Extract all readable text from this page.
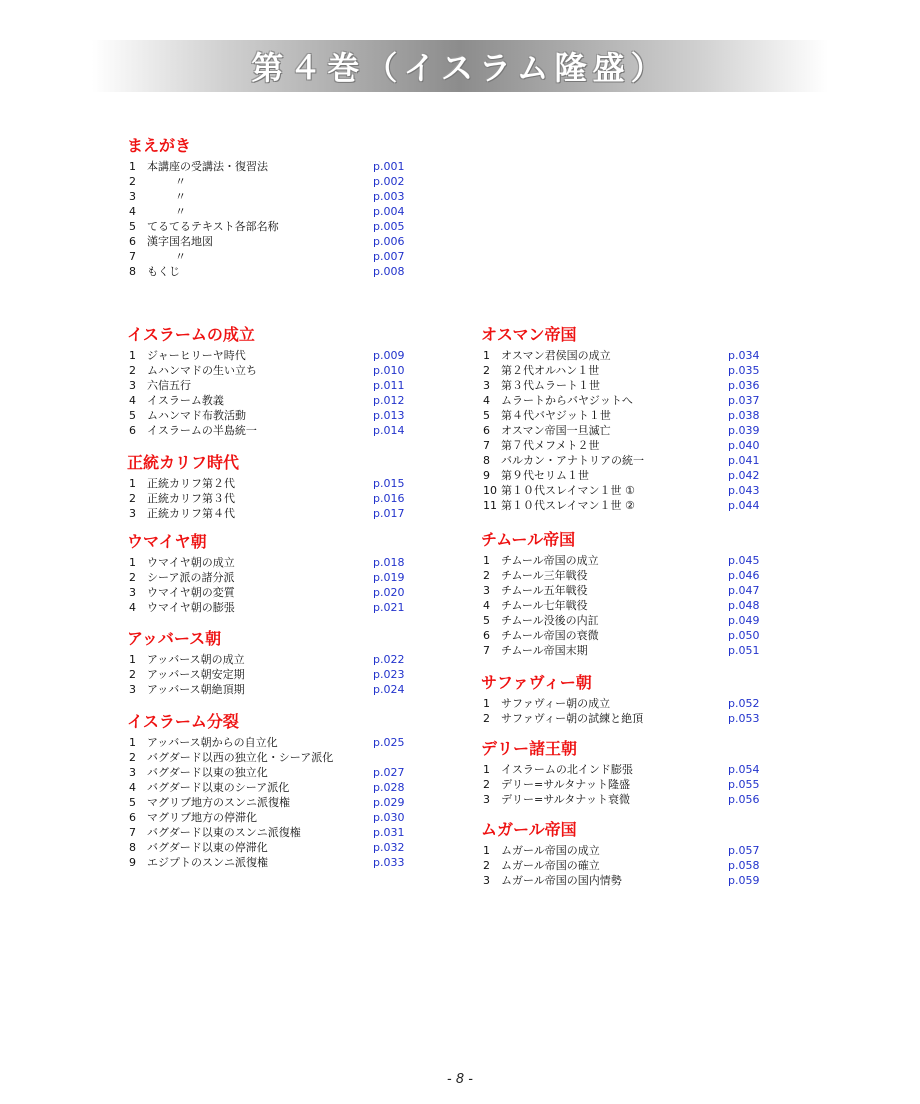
第４巻（イスラム隆盛）
まえがき
1 本講座の受講法・復習法	p.001
2	〃	p.002
3	〃	p.003
4	〃	p.004
5 てるてるテキスト各部名称	p.005
6 漢字国名地図	p.006
7	〃	p.007
8 もくじ	p.008
イスラームの成立
1 ジャーヒリーヤ時代	p.009
2 ムハンマドの生い立ち	p.010
3 六信五行	p.011
4 イスラーム教義	p.012
5 ムハンマド布教活動	p.013
6 イスラームの半島統一	p.014
正統カリフ時代
1 正統カリフ第２代	p.015
2 正統カリフ第３代	p.016
3 正統カリフ第４代	p.017
ウマイヤ朝
1 ウマイヤ朝の成立	p.018
2 シーア派の諸分派	p.019
3 ウマイヤ朝の変質	p.020
4 ウマイヤ朝の膨張	p.021
アッバース朝
1 アッバース朝の成立	p.022
2 アッバース朝安定期	p.023
3 アッバース朝絶頂期	p.024
イスラーム分裂
1 アッバース朝からの自立化	p.025
2 バグダード以西の独立化・シーア派化
3 バグダード以東の独立化	p.027
4 バグダード以東のシーア派化	p.028
5 マグリブ地方のスンニ派復権	p.029
6 マグリブ地方の停滞化	p.030
7 バグダード以東のスンニ派復権	p.031
8 バグダード以東の停滞化	p.032
9 エジプトのスンニ派復権	p.033
オスマン帝国
1 オスマン君侯国の成立	p.034
2 第２代オルハン１世	p.035
3 第３代ムラート１世	p.036
4 ムラートからバヤジットへ	p.037
5 第４代バヤジット１世	p.038
6 オスマン帝国一旦滅亡	p.039
7 第７代メフメト２世	p.040
8 バルカン・アナトリアの統一	p.041
9 第９代セリム１世	p.042
10 第１０代スレイマン１世 ①	p.043
11 第１０代スレイマン１世 ②	p.044
チムール帝国
1 チムール帝国の成立	p.045
2 チムール三年戦役	p.046
3 チムール五年戦役	p.047
4 チムール七年戦役	p.048
5 チムール没後の内訌	p.049
6 チムール帝国の衰微	p.050
7 チムール帝国末期	p.051
サファヴィー朝
1 サファヴィー朝の成立	p.052
2 サファヴィー朝の試練と絶頂	p.053
デリー諸王朝
1 イスラームの北インド膨張	p.054
2 デリー=サルタナット隆盛	p.055
3 デリー=サルタナット衰微	p.056
ムガール帝国
1 ムガール帝国の成立	p.057
2 ムガール帝国の確立	p.058
3 ムガール帝国の国内情勢	p.059
- 8 -
